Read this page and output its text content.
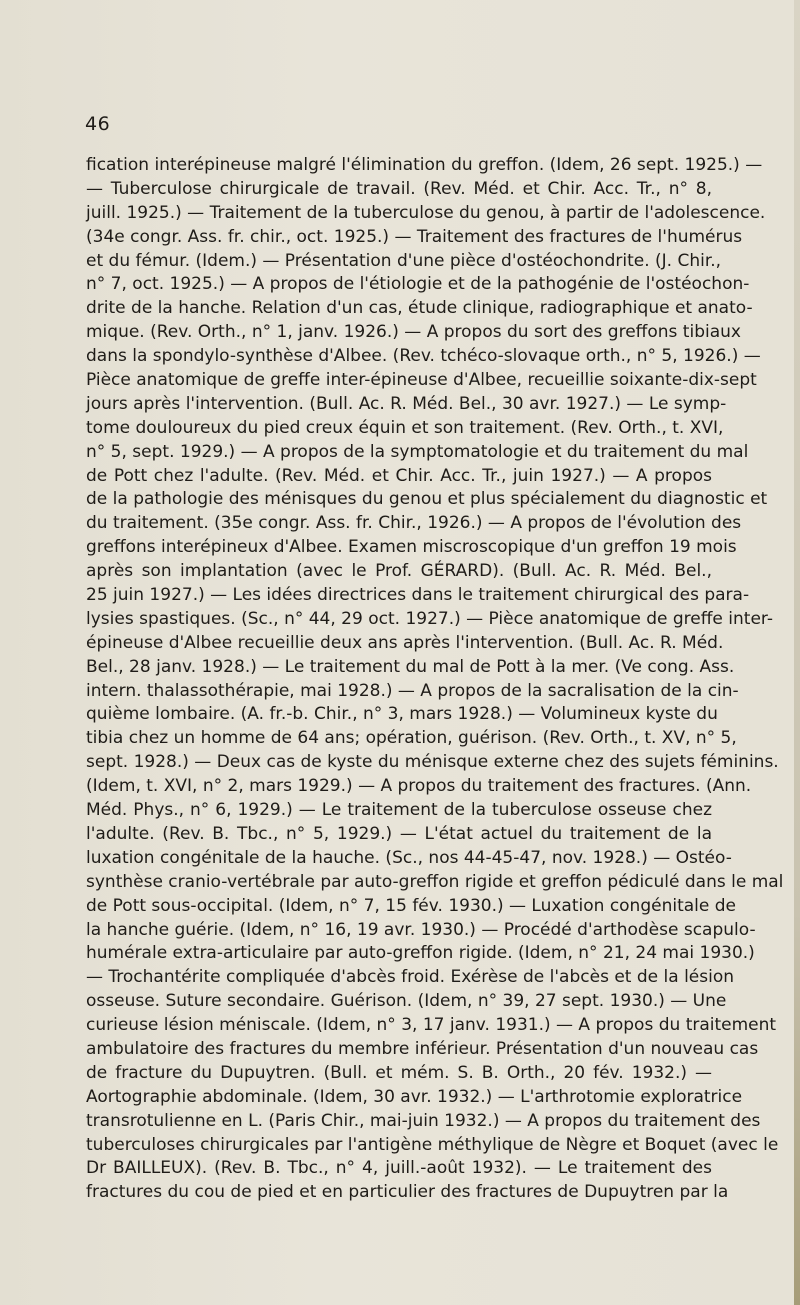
46
fication interépineuse malgré l'élimination du greffon. (Idem, 26 sept. 1925.) —
— Tuberculose chirurgicale de travail. (Rev. Méd. et Chir. Acc. Tr., n° 8,
juill. 1925.) — Traitement de la tuberculose du genou, à partir de l'adolescence.
(34e congr. Ass. fr. chir., oct. 1925.) — Traitement des fractures de l'humérus
et du fémur. (Idem.) — Présentation d'une pièce d'ostéochondrite. (J. Chir.,
n° 7, oct. 1925.) — A propos de l'étiologie et de la pathogénie de l'ostéochon-
drite de la hanche. Relation d'un cas, étude clinique, radiographique et anato-
mique. (Rev. Orth., n° 1, janv. 1926.) — A propos du sort des greffons tibiaux
dans la spondylo-synthèse d'Albee. (Rev. tchéco-slovaque orth., n° 5, 1926.) —
Pièce anatomique de greffe inter-épineuse d'Albee, recueillie soixante-dix-sept
jours après l'intervention. (Bull. Ac. R. Méd. Bel., 30 avr. 1927.) — Le symp-
tome douloureux du pied creux équin et son traitement. (Rev. Orth., t. XVI,
n° 5, sept. 1929.) — A propos de la symptomatologie et du traitement du mal
de Pott chez l'adulte. (Rev. Méd. et Chir. Acc. Tr., juin 1927.) — A propos
de la pathologie des ménisques du genou et plus spécialement du diagnostic et
du traitement. (35e congr. Ass. fr. Chir., 1926.) — A propos de l'évolution des
greffons interépineux d'Albee. Examen miscroscopique d'un greffon 19 mois
après son implantation (avec le Prof. GÉRARD). (Bull. Ac. R. Méd. Bel.,
25 juin 1927.) — Les idées directrices dans le traitement chirurgical des para-
lysies spastiques. (Sc., n° 44, 29 oct. 1927.) — Pièce anatomique de greffe inter-
épineuse d'Albee recueillie deux ans après l'intervention. (Bull. Ac. R. Méd.
Bel., 28 janv. 1928.) — Le traitement du mal de Pott à la mer. (Ve cong. Ass.
intern. thalassothérapie, mai 1928.) — A propos de la sacralisation de la cin-
quième lombaire. (A. fr.-b. Chir., n° 3, mars 1928.) — Volumineux kyste du
tibia chez un homme de 64 ans; opération, guérison. (Rev. Orth., t. XV, n° 5,
sept. 1928.) — Deux cas de kyste du ménisque externe chez des sujets féminins.
(Idem, t. XVI, n° 2, mars 1929.) — A propos du traitement des fractures. (Ann.
Méd. Phys., n° 6, 1929.) — Le traitement de la tuberculose osseuse chez
l'adulte. (Rev. B. Tbc., n° 5, 1929.) — L'état actuel du traitement de la
luxation congénitale de la hauche. (Sc., nos 44-45-47, nov. 1928.) — Ostéo-
synthèse cranio-vertébrale par auto-greffon rigide et greffon pédiculé dans le mal
de Pott sous-occipital. (Idem, n° 7, 15 fév. 1930.) — Luxation congénitale de
la hanche guérie. (Idem, n° 16, 19 avr. 1930.) — Procédé d'arthodèse scapulo-
humérale extra-articulaire par auto-greffon rigide. (Idem, n° 21, 24 mai 1930.)
— Trochantérite compliquée d'abcès froid. Exérèse de l'abcès et de la lésion
osseuse. Suture secondaire. Guérison. (Idem, n° 39, 27 sept. 1930.) — Une
curieuse lésion méniscale. (Idem, n° 3, 17 janv. 1931.) — A propos du traitement
ambulatoire des fractures du membre inférieur. Présentation d'un nouveau cas
de fracture du Dupuytren. (Bull. et mém. S. B. Orth., 20 fév. 1932.) —
Aortographie abdominale. (Idem, 30 avr. 1932.) — L'arthrotomie exploratrice
transrotulienne en L. (Paris Chir., mai-juin 1932.) — A propos du traitement des
tuberculoses chirurgicales par l'antigène méthylique de Nègre et Boquet (avec le
Dr BAILLEUX). (Rev. B. Tbc., n° 4, juill.-août 1932). — Le traitement des
fractures du cou de pied et en particulier des fractures de Dupuytren par la
